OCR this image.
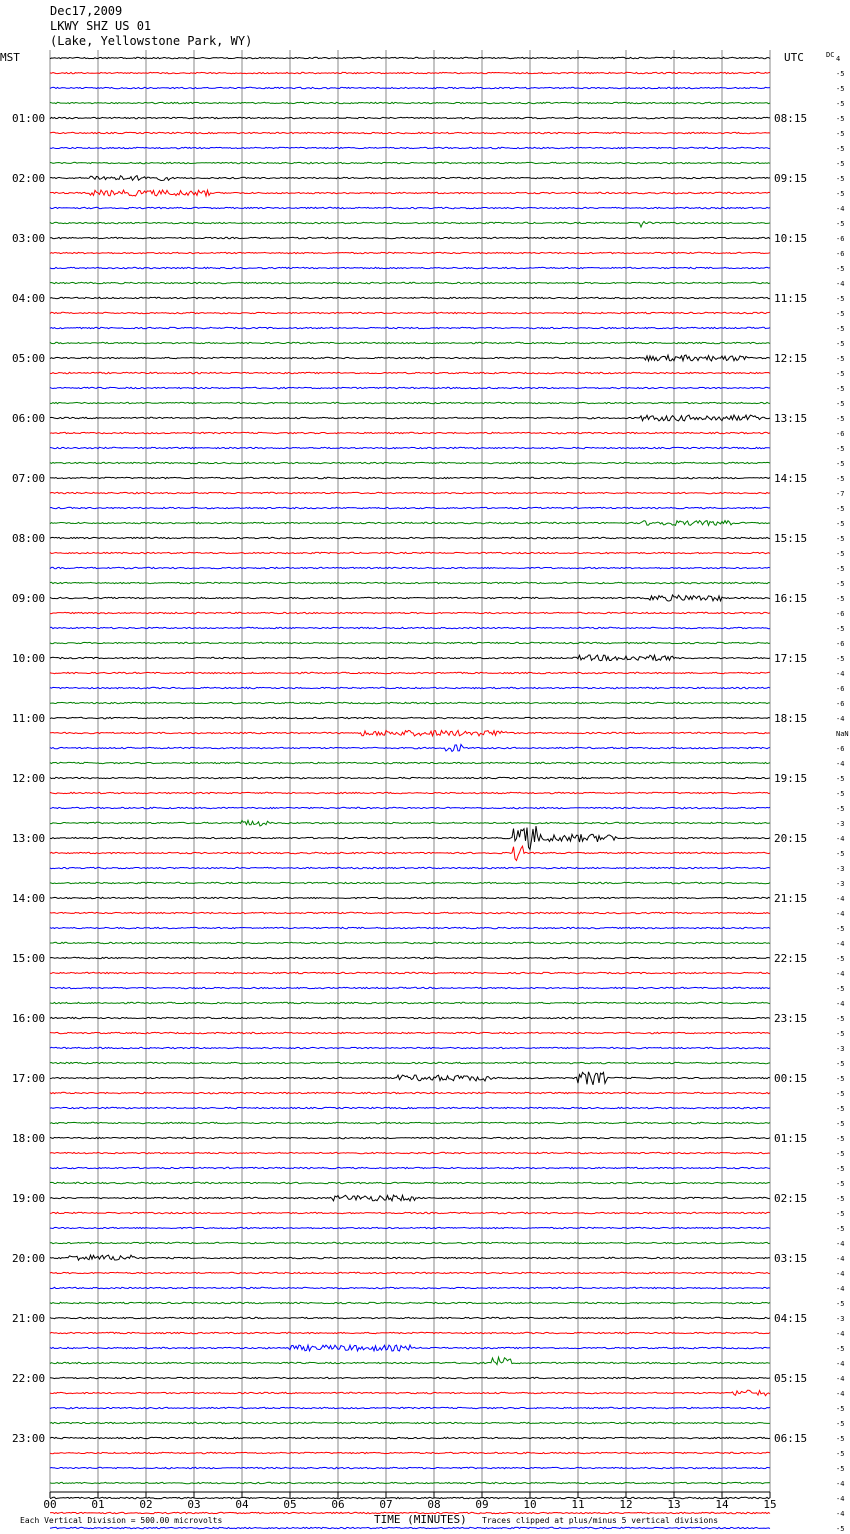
Dec17,2009
LKWY SHZ US 01
(Lake, Yellowstone Park, WY)
00	01	02	03	04	05	06	07	08	09	10	11	12	13	14	15
4
-5
-5
-5
-5
01:00	08:15
-5
-5
-5
-5
02:00	09:15
-5
-4
-5
-6
03:00	10:15
-6
-5
-4
-5
04:00	11:15
-5
-5
-5
-5
05:00	12:15
-5
-5
-5
-5
06:00	13:15
-6
-5
-5
-5
07:00	14:15
-7
-5
-5
-5
08:00	15:15
-5
-5
-5
-5
09:00	16:15
-6
-5
-6
-5
10:00	17:15
-4
-6
-6
-4
11:00	18:15
NaN
-6
-4
-5
12:00	19:15
-5
-5
-3
-4
13:00	20:15
-5
-3
-3
-4
14:00	21:15
-4
-5
-4
-5
15:00	22:15
-4
-5
-4
-5
16:00	23:15
-5
-3
-5
-5
17:00	00:15
-5
-5
-5
-5
18:00	01:15
-5
-5
-5
-5
19:00	02:15
-5
-5
-4
-4
20:00	03:15
-4
-4
-5
-3
21:00	04:15
-4
-5
-4
-4
22:00	05:15
-4
-5
-5
-5
23:00	06:15
-5
-5
-4
-4
-4
-5
MST	UTC	DC
Each Vertical Division = 500.00 microvolts	TIME (MINUTES) Traces clipped at plus/minus 5 vertical divisions
